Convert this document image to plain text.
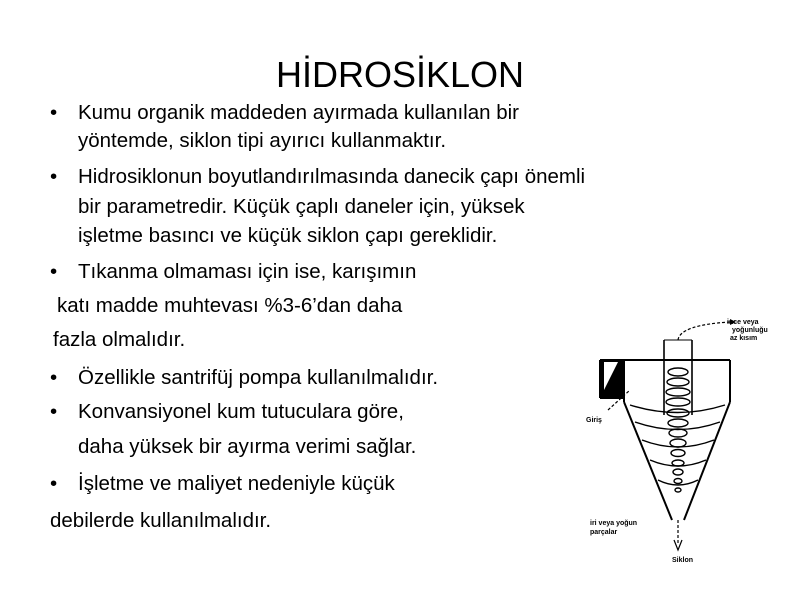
HİDROSİKLON
•	Kumu organik maddeden ayırmada kullanılan bir
yöntemde, siklon tipi ayırıcı kullanmaktır.
•	Hidrosiklonun boyutlandırılmasında danecik çapı önemli
bir parametredir. Küçük çaplı daneler için, yüksek
işletme basıncı ve küçük siklon çapı gereklidir.
•	Tıkanma olmaması için ise, karışımın
katı madde muhtevası %3-6’dan daha
fazla olmalıdır.
•	Özellikle santrifüj pompa kullanılmalıdır.
•	Konvansiyonel kum tutuculara göre,
daha yüksek bir ayırma verimi sağlar.
•	İşletme ve maliyet nedeniyle küçük
debilerde kullanılmalıdır.
ince veya
yoğunluğu
az kısım
Giriş
iri veya yoğun
parçalar
Siklon
